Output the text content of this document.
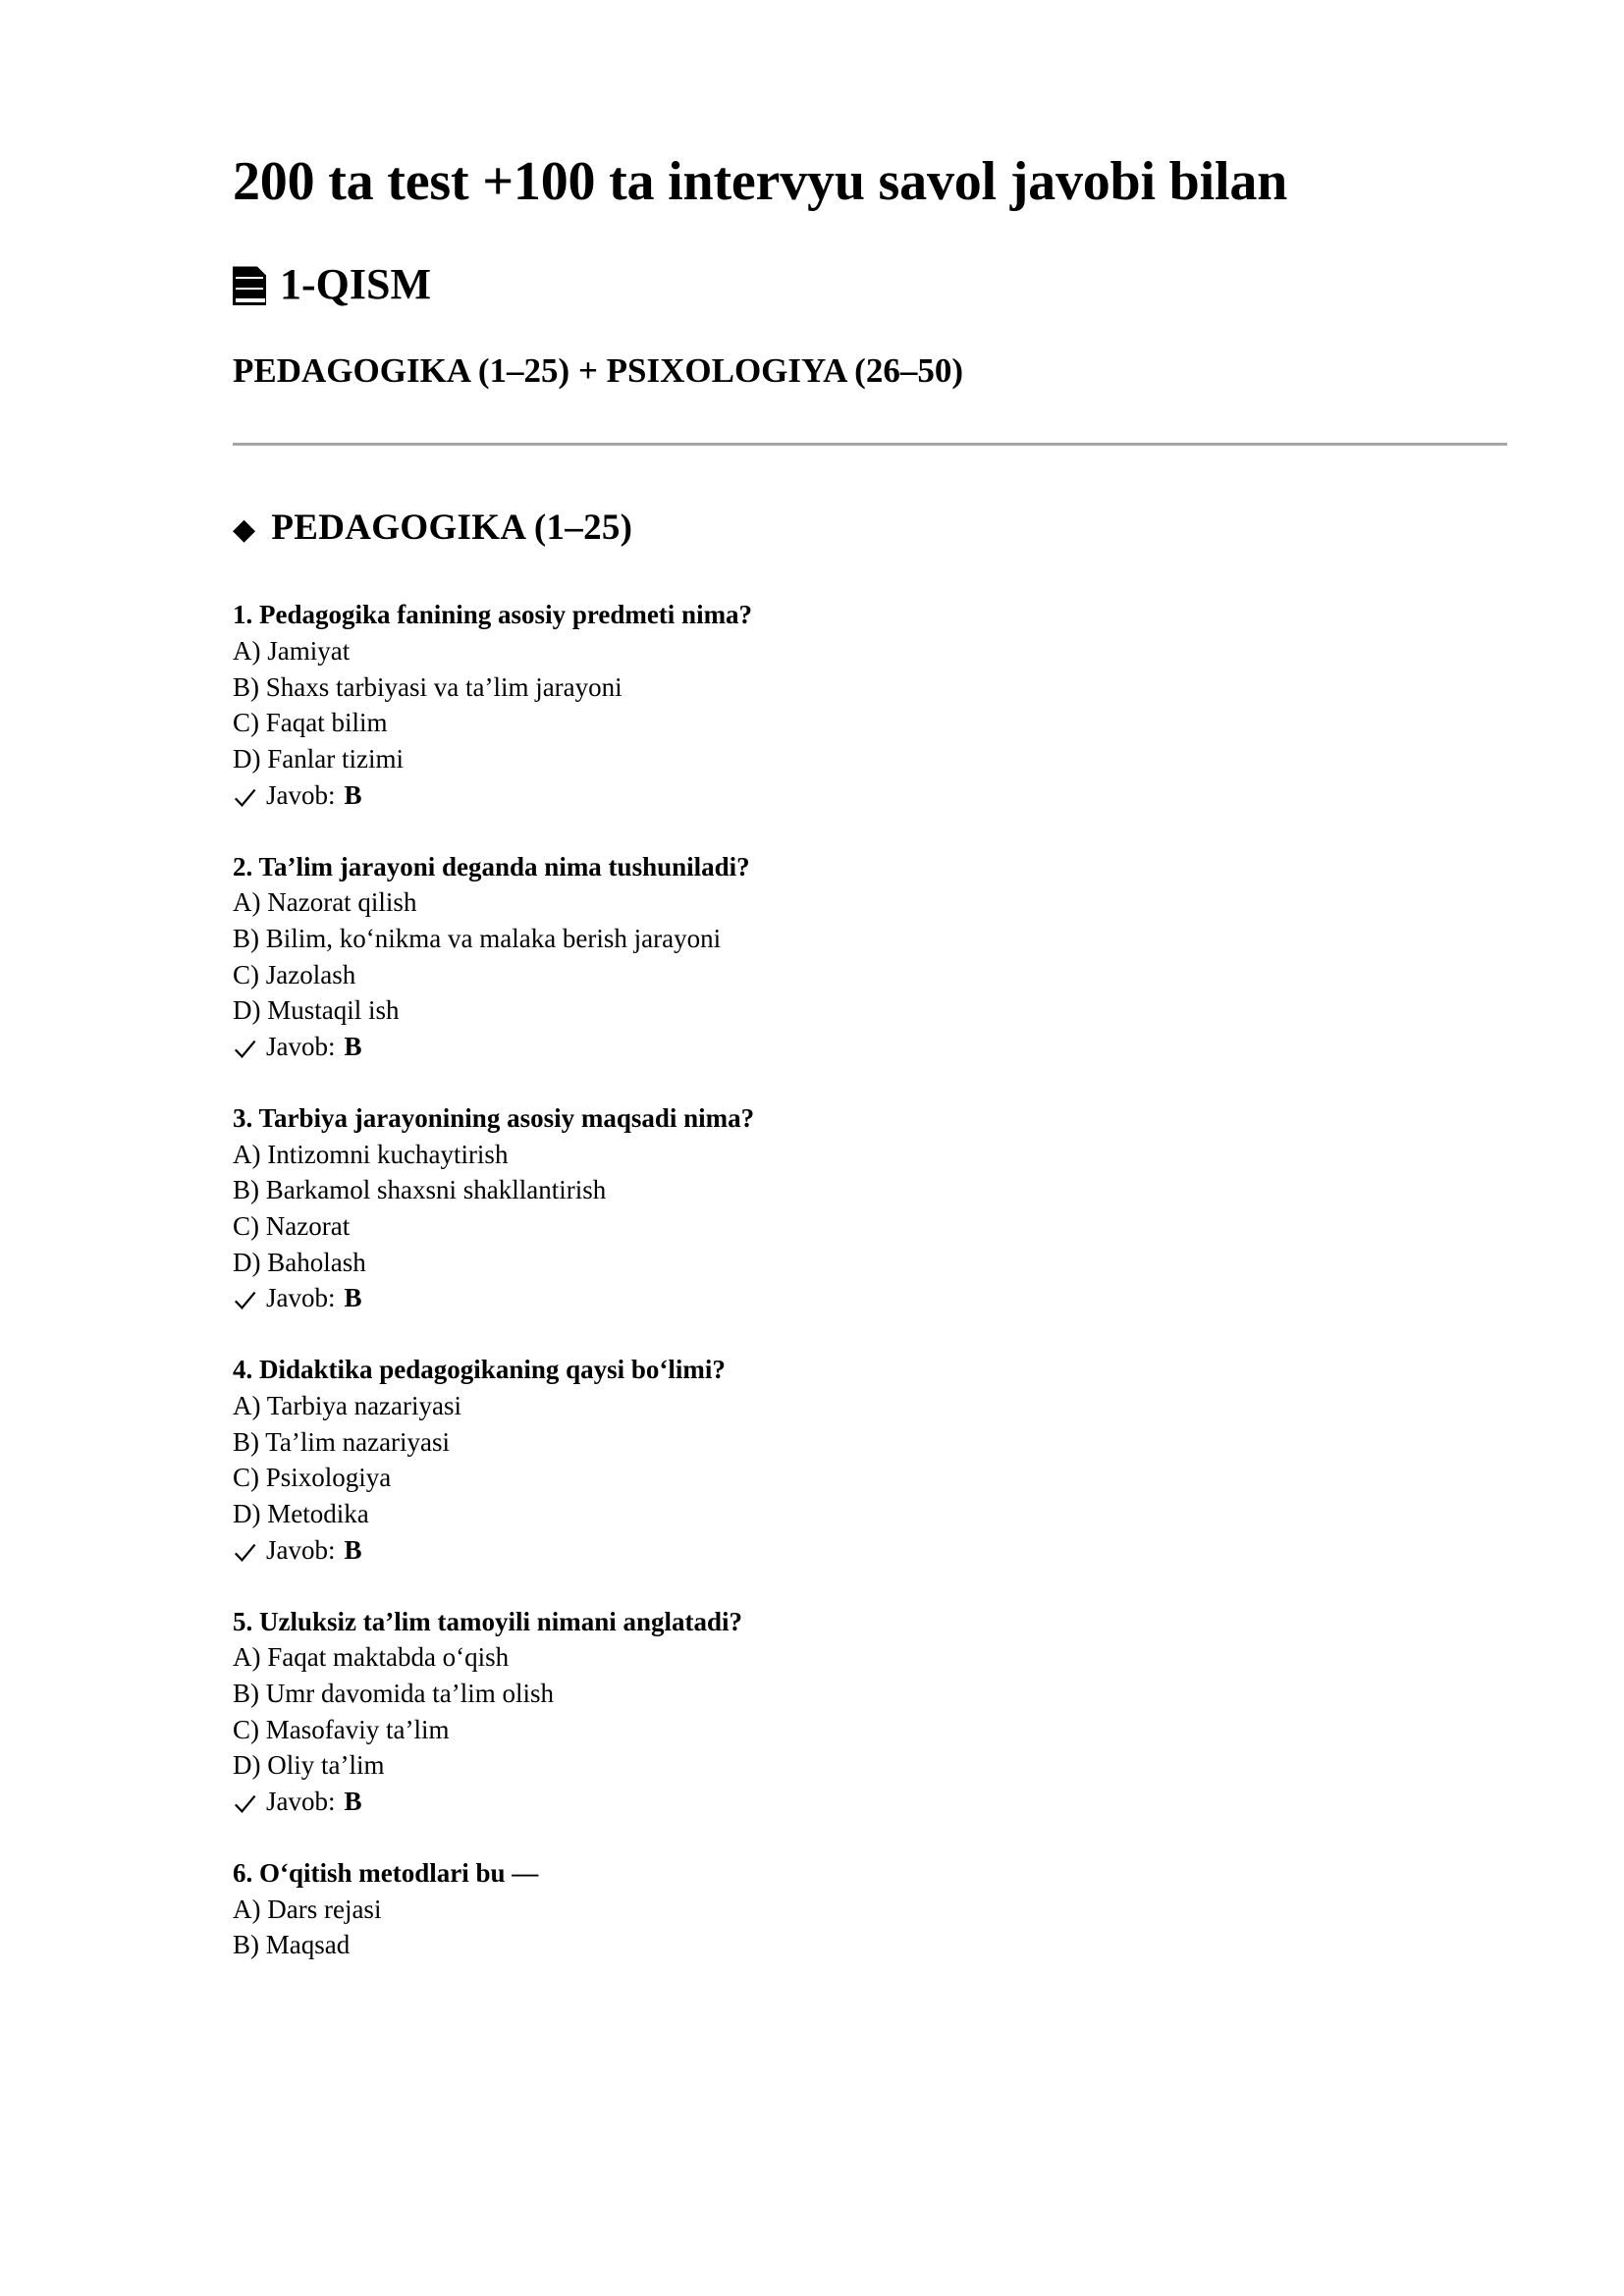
200 ta test +100 ta intervyu savol javobi bilan
1-QISM
PEDAGOGIKA (1–25) + PSIXOLOGIYA (26–50)
◆ PEDAGOGIKA (1–25)

1. Pedagogika fanining asosiy predmeti nima?

A) Jamiyat

B) Shaxs tarbiyasi va ta’lim jarayoni

C) Faqat bilim

D) Fanlar tizimi

Javob: B

2. Ta’lim jarayoni deganda nima tushuniladi?

A) Nazorat qilish

B) Bilim, ko‘nikma va malaka berish jarayoni

C) Jazolash

D) Mustaqil ish

Javob: B

3. Tarbiya jarayonining asosiy maqsadi nima?

A) Intizomni kuchaytirish

B) Barkamol shaxsni shakllantirish

C) Nazorat

D) Baholash

Javob: B

4. Didaktika pedagogikaning qaysi bo‘limi?

A) Tarbiya nazariyasi

B) Ta’lim nazariyasi

C) Psixologiya

D) Metodika

Javob: B

5. Uzluksiz ta’lim tamoyili nimani anglatadi?

A) Faqat maktabda o‘qish

B) Umr davomida ta’lim olish

C) Masofaviy ta’lim

D) Oliy ta’lim

Javob: B

6. O‘qitish metodlari bu —

A) Dars rejasi

B) Maqsad
